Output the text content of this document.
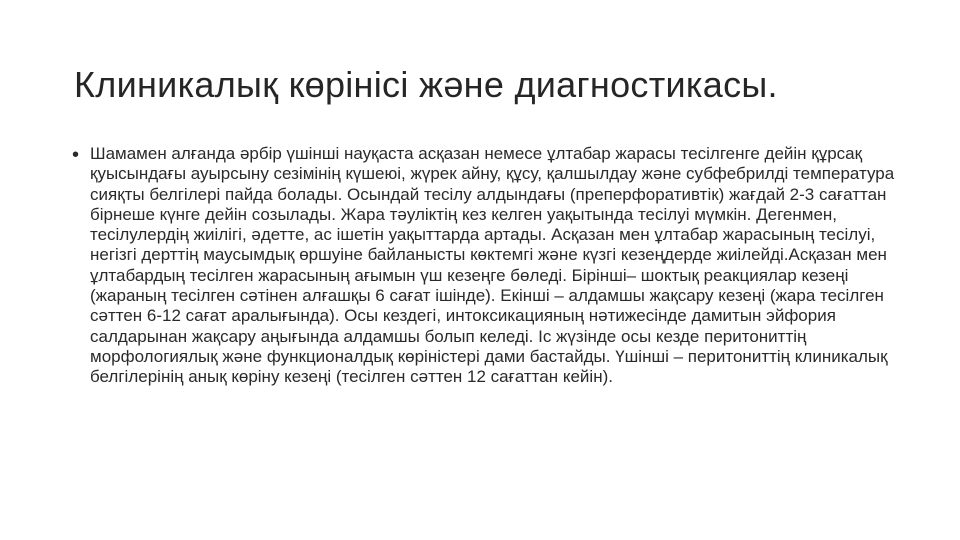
Клиникалық көрінісі және диагностикасы.
• Шамамен алғанда әрбір үшінші науқаста асқазан немесе ұлтабар жарасы тесілгенге дейін құрсақ қуысындағы ауырсыну сезімінің күшеюі, жүрек айну, құсу, қалшылдау және субфебрилді температура сияқты белгілері пайда болады. Осындай тесілу алдындағы (преперфоративтік) жағдай 2-3 сағаттан бірнеше күнге дейін созылады. Жара тәуліктің кез келген уақытында тесілуі мүмкін. Дегенмен, тесілулердің жиілігі, әдетте, ас ішетін уақыттарда артады. Асқазан мен ұлтабар жарасының тесілуі, негізгі дерттің маусымдық өршуіне байланысты көктемгі және күзгі кезеңдерде жиілейді.Асқазан мен ұлтабардың тесілген жарасының ағымын үш кезеңге бөледі. Бірінші– шоктық реакциялар кезеңі (жараның тесілген сәтінен алғашқы 6 сағат ішінде). Екінші – алдамшы жақсару кезеңі (жара тесілген сәттен 6-12 сағат аралығында). Осы кездегі, интоксикацияның нәтижесінде дамитын эйфория салдарынан жақсару аңығында алдамшы болып келеді. Іс жүзінде осы кезде перитониттің морфологиялық және функционалдық көріністері дами бастайды. Үшінші – перитониттің клиникалық белгілерінің анық көріну кезеңі (тесілген сәттен 12 сағаттан кейін).
